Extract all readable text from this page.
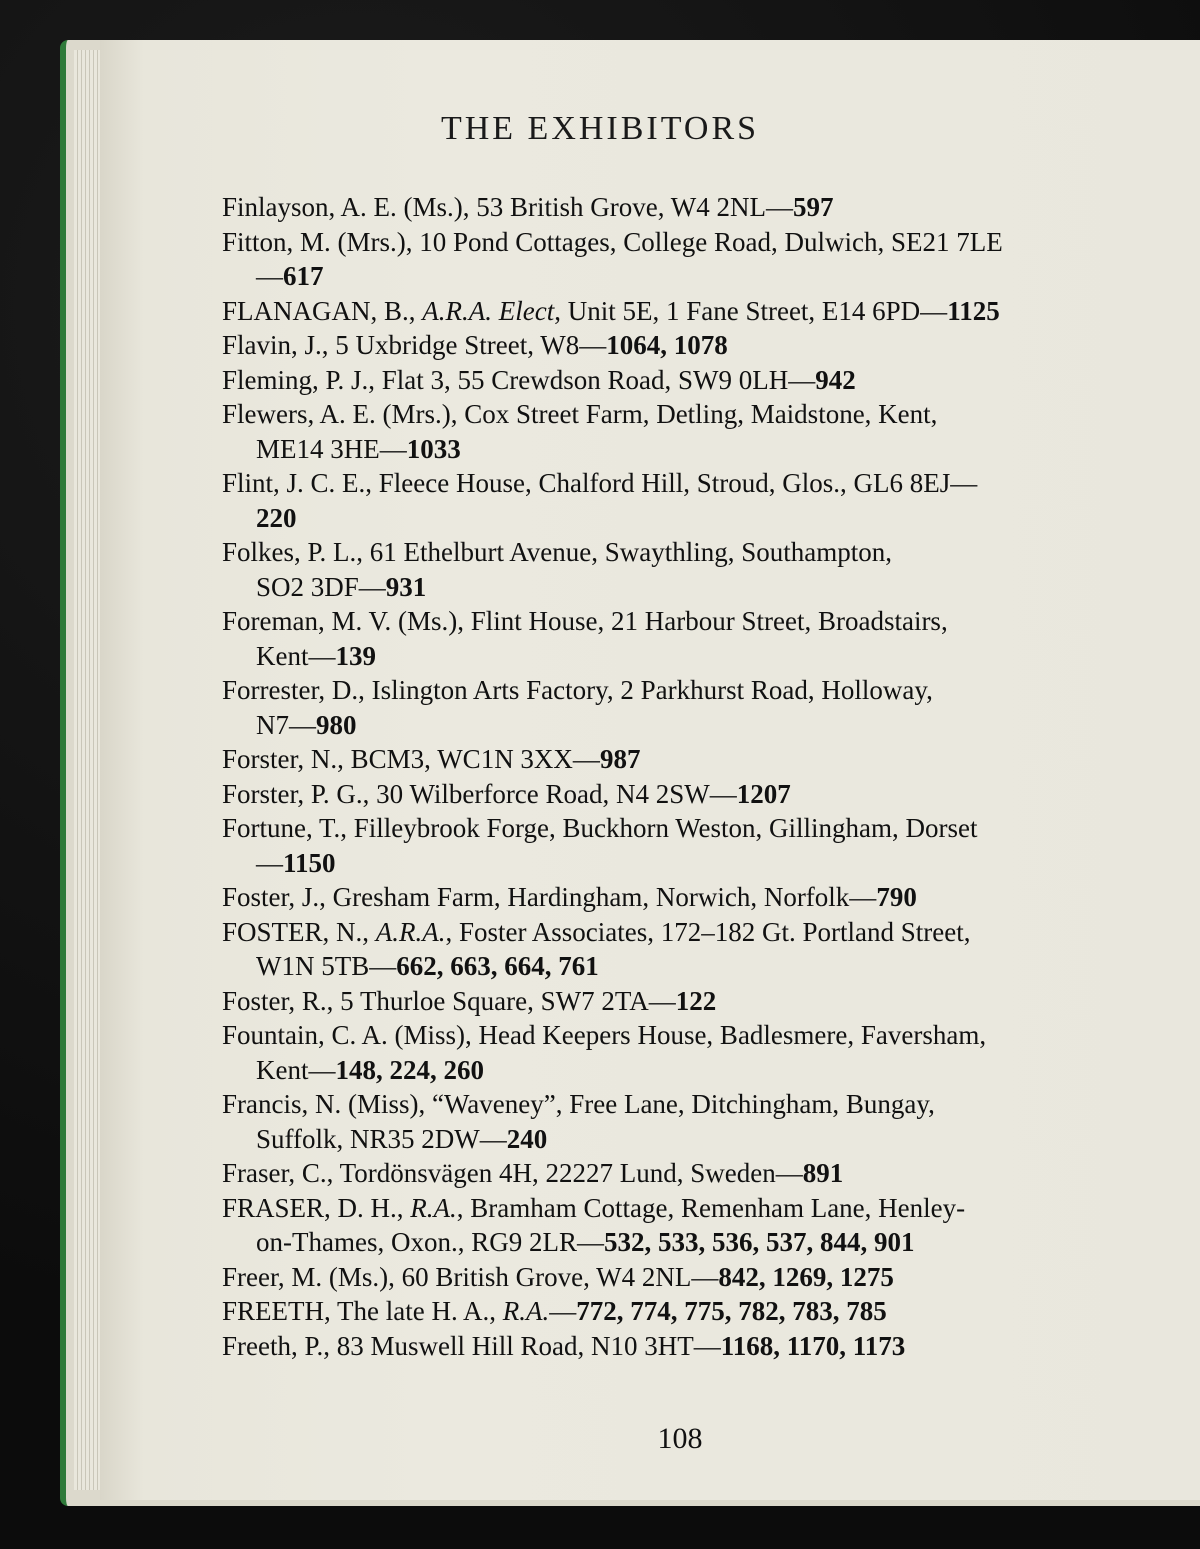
THE EXHIBITORS
Finlayson, A. E. (Ms.), 53 British Grove, W4 2NL—597
Fitton, M. (Mrs.), 10 Pond Cottages, College Road, Dulwich, SE21 7LE
—617
FLANAGAN, B., A.R.A. Elect, Unit 5E, 1 Fane Street, E14 6PD—1125
Flavin, J., 5 Uxbridge Street, W8—1064, 1078
Fleming, P. J., Flat 3, 55 Crewdson Road, SW9 0LH—942
Flewers, A. E. (Mrs.), Cox Street Farm, Detling, Maidstone, Kent,
ME14 3HE—1033
Flint, J. C. E., Fleece House, Chalford Hill, Stroud, Glos., GL6 8EJ—
220
Folkes, P. L., 61 Ethelburt Avenue, Swaythling, Southampton,
SO2 3DF—931
Foreman, M. V. (Ms.), Flint House, 21 Harbour Street, Broadstairs,
Kent—139
Forrester, D., Islington Arts Factory, 2 Parkhurst Road, Holloway,
N7—980
Forster, N., BCM3, WC1N 3XX—987
Forster, P. G., 30 Wilberforce Road, N4 2SW—1207
Fortune, T., Filleybrook Forge, Buckhorn Weston, Gillingham, Dorset
—1150
Foster, J., Gresham Farm, Hardingham, Norwich, Norfolk—790
FOSTER, N., A.R.A., Foster Associates, 172–182 Gt. Portland Street,
W1N 5TB—662, 663, 664, 761
Foster, R., 5 Thurloe Square, SW7 2TA—122
Fountain, C. A. (Miss), Head Keepers House, Badlesmere, Faversham,
Kent—148, 224, 260
Francis, N. (Miss), “Waveney”, Free Lane, Ditchingham, Bungay,
Suffolk, NR35 2DW—240
Fraser, C., Tordönsvägen 4H, 22227 Lund, Sweden—891
FRASER, D. H., R.A., Bramham Cottage, Remenham Lane, Henley-
on-Thames, Oxon., RG9 2LR—532, 533, 536, 537, 844, 901
Freer, M. (Ms.), 60 British Grove, W4 2NL—842, 1269, 1275
FREETH, The late H. A., R.A.—772, 774, 775, 782, 783, 785
Freeth, P., 83 Muswell Hill Road, N10 3HT—1168, 1170, 1173
108
